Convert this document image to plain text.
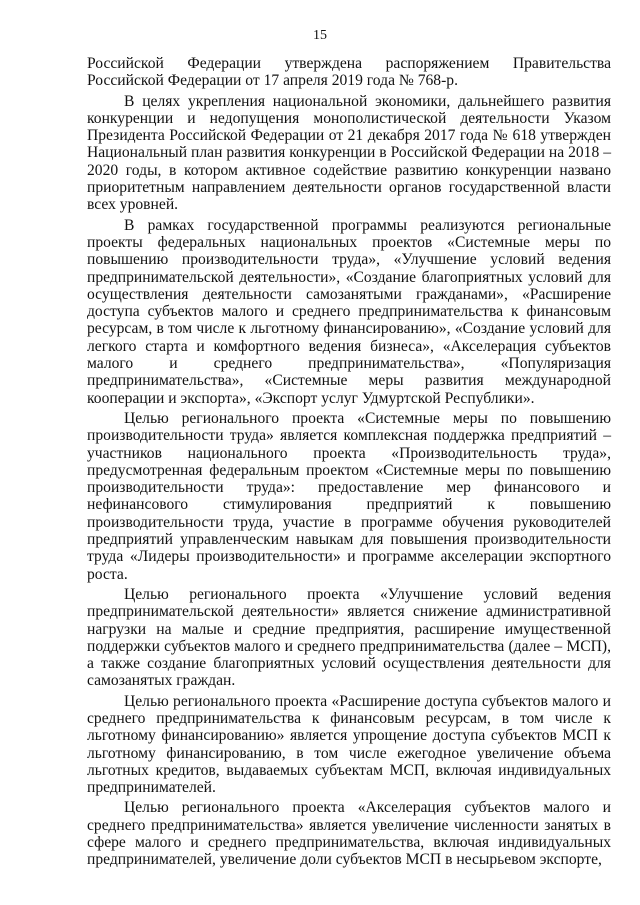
15

Российской Федерации утверждена распоряжением Правительства Российской Федерации от 17 апреля 2019 года № 768-р.

В целях укрепления национальной экономики, дальнейшего развития конкуренции и недопущения монополистической деятельности Указом Президента Российской Федерации от 21 декабря 2017 года № 618 утвержден Национальный план развития конкуренции в Российской Федерации на 2018 – 2020 годы, в котором активное содействие развитию конкуренции названо приоритетным направлением деятельности органов государственной власти всех уровней.

В рамках государственной программы реализуются региональные проекты федеральных национальных проектов «Системные меры по повышению производительности труда», «Улучшение условий ведения предпринимательской деятельности», «Создание благоприятных условий для осуществления деятельности самозанятыми гражданами», «Расширение доступа субъектов малого и среднего предпринимательства к финансовым ресурсам, в том числе к льготному финансированию», «Создание условий для легкого старта и комфортного ведения бизнеса», «Акселерация субъектов малого и среднего предпринимательства», «Популяризация предпринимательства», «Системные меры развития международной кооперации и экспорта», «Экспорт услуг Удмуртской Республики».

Целью регионального проекта «Системные меры по повышению производительности труда» является комплексная поддержка предприятий – участников национального проекта «Производительность труда», предусмотренная федеральным проектом «Системные меры по повышению производительности труда»: предоставление мер финансового и нефинансового стимулирования предприятий к повышению производительности труда, участие в программе обучения руководителей предприятий управленческим навыкам для повышения производительности труда «Лидеры производительности» и программе акселерации экспортного роста.

Целью регионального проекта «Улучшение условий ведения предпринимательской деятельности» является снижение административной нагрузки на малые и средние предприятия, расширение имущественной поддержки субъектов малого и среднего предпринимательства (далее – МСП), а также создание благоприятных условий осуществления деятельности для самозанятых граждан.

Целью регионального проекта «Расширение доступа субъектов малого и среднего предпринимательства к финансовым ресурсам, в том числе к льготному финансированию» является упрощение доступа субъектов МСП к льготному финансированию, в том числе ежегодное увеличение объема льготных кредитов, выдаваемых субъектам МСП, включая индивидуальных предпринимателей.

Целью регионального проекта «Акселерация субъектов малого и среднего предпринимательства» является увеличение численности занятых в сфере малого и среднего предпринимательства, включая индивидуальных предпринимателей, увеличение доли субъектов МСП в несырьевом экспорте,
